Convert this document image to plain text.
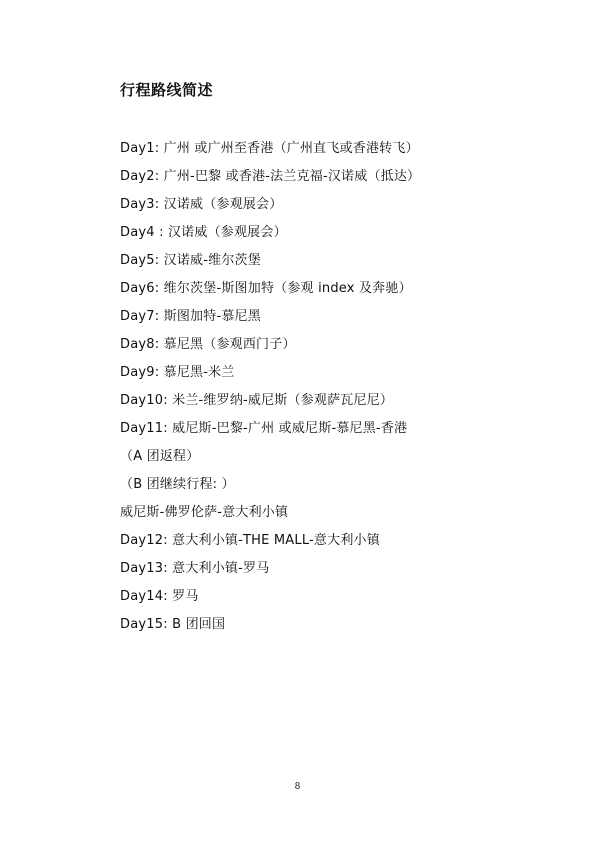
行程路线简述
Day1: 广州 或广州至香港（广州直飞或香港转飞）
Day2: 广州-巴黎 或香港-法兰克福-汉诺威（抵达）
Day3: 汉诺威（参观展会）
Day4 : 汉诺威（参观展会）
Day5: 汉诺威-维尔茨堡
Day6: 维尔茨堡-斯图加特（参观 index 及奔驰）
Day7: 斯图加特-慕尼黑
Day8: 慕尼黑（参观西门子）
Day9: 慕尼黑-米兰
Day10: 米兰-维罗纳-威尼斯（参观萨瓦尼尼）
Day11: 威尼斯-巴黎-广州 或威尼斯-慕尼黑-香港
（A 团返程）
（B 团继续行程: ）
威尼斯-佛罗伦萨-意大利小镇
Day12: 意大利小镇-THE MALL-意大利小镇
Day13: 意大利小镇-罗马
Day14: 罗马
Day15: B 团回国
8
